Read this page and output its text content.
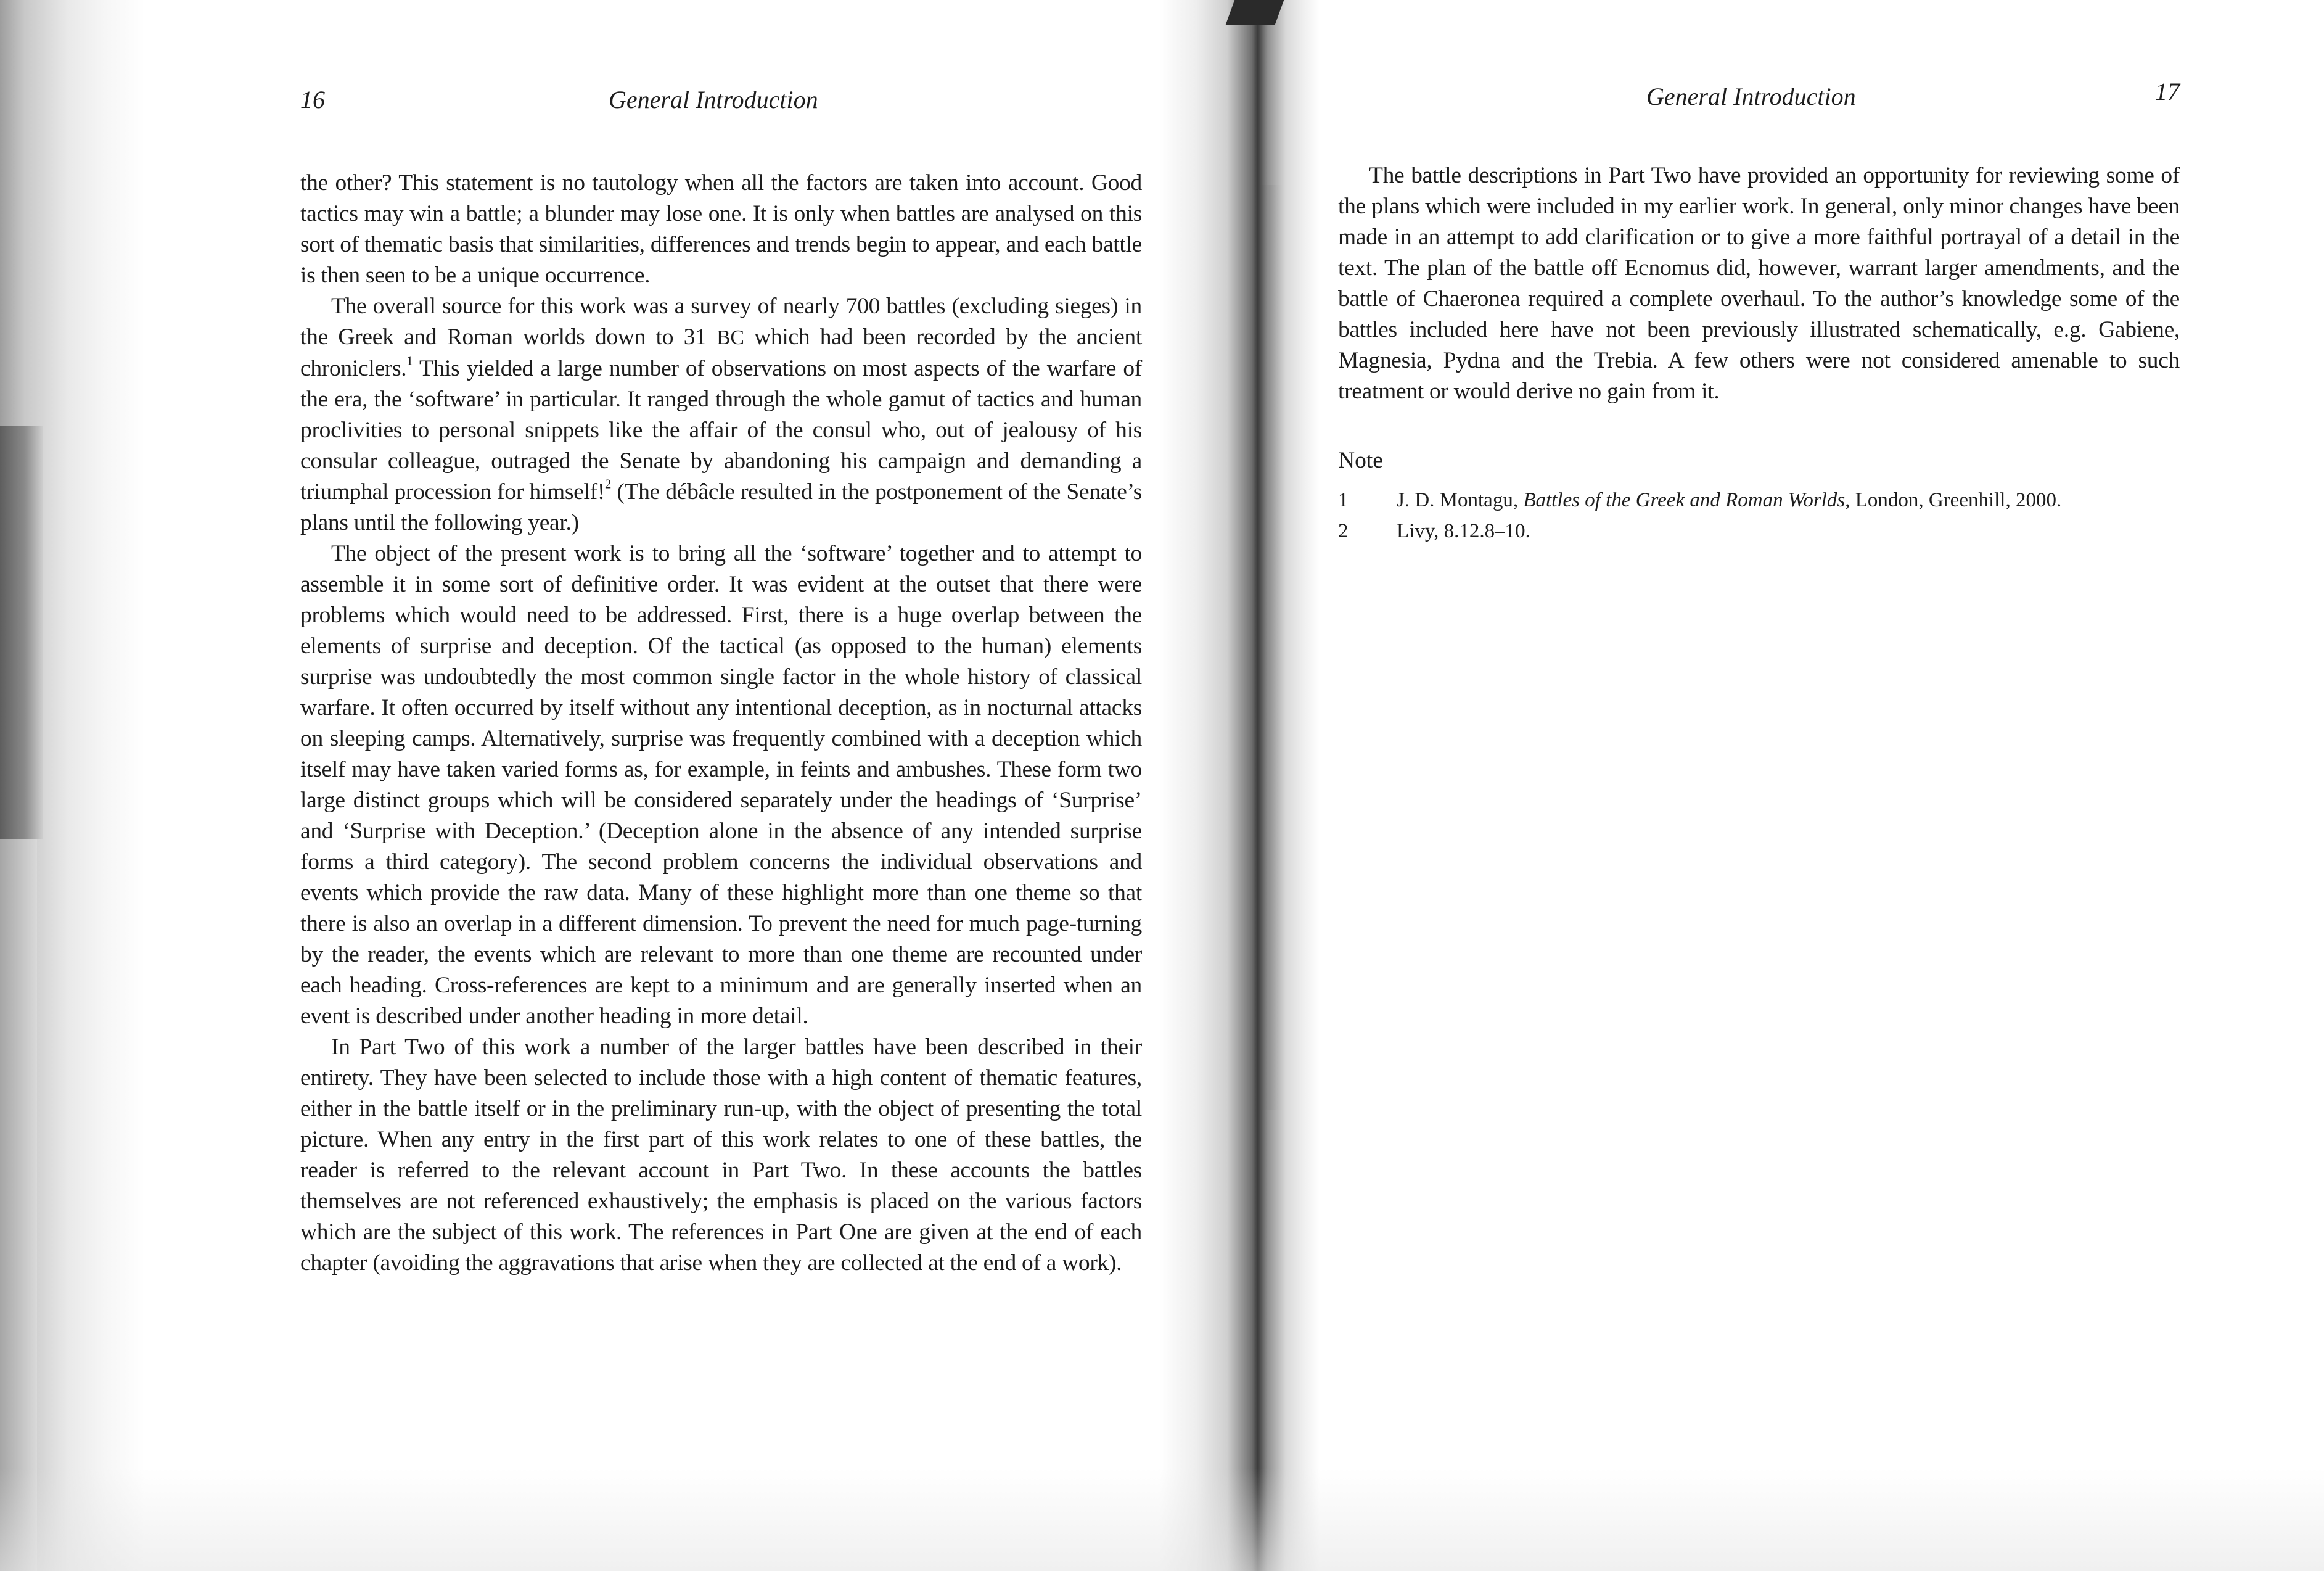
16	General Introduction

the other? This statement is no tautology when all the factors are taken into account. Good tactics may win a battle; a blunder may lose one. It is only when battles are analysed on this sort of thematic basis that similarities, differences and trends begin to appear, and each battle is then seen to be a unique occurrence.

The overall source for this work was a survey of nearly 700 battles (excluding sieges) in the Greek and Roman worlds down to 31 BC which had been recorded by the ancient chroniclers.$^1$ This yielded a large number of observations on most aspects of the warfare of the era, the ‘software’ in particular. It ranged through the whole gamut of tactics and human proclivities to personal snippets like the affair of the consul who, out of jealousy of his consular colleague, outraged the Senate by abandoning his campaign and demanding a triumphal procession for himself!$^2$ (The débâcle resulted in the postponement of the Senate’s plans until the following year.)

The object of the present work is to bring all the ‘software’ together and to attempt to assemble it in some sort of definitive order. It was evident at the outset that there were problems which would need to be addressed. First, there is a huge overlap between the elements of surprise and deception. Of the tactical (as opposed to the human) elements surprise was undoubtedly the most common single factor in the whole history of classical warfare. It often occurred by itself without any intentional deception, as in nocturnal attacks on sleeping camps. Alternatively, surprise was frequently combined with a deception which itself may have taken varied forms as, for example, in feints and ambushes. These form two large distinct groups which will be considered separately under the headings of ‘Surprise’ and ‘Surprise with Deception.’ (Deception alone in the absence of any intended surprise forms a third category). The second problem concerns the individual observations and events which provide the raw data. Many of these highlight more than one theme so that there is also an overlap in a different dimension. To prevent the need for much page-turning by the reader, the events which are relevant to more than one theme are recounted under each heading. Cross-references are kept to a minimum and are generally inserted when an event is described under another heading in more detail.

In Part Two of this work a number of the larger battles have been described in their entirety. They have been selected to include those with a high content of thematic features, either in the battle itself or in the preliminary run-up, with the object of presenting the total picture. When any entry in the first part of this work relates to one of these battles, the reader is referred to the relevant account in Part Two. In these accounts the battles themselves are not referenced exhaustively; the emphasis is placed on the various factors which are the subject of this work. The references in Part One are given at the end of each chapter (avoiding the aggravations that arise when they are collected at the end of a work).

General Introduction	17

The battle descriptions in Part Two have provided an opportunity for reviewing some of the plans which were included in my earlier work. In general, only minor changes have been made in an attempt to add clarification or to give a more faithful portrayal of a detail in the text. The plan of the battle off Ecnomus did, however, warrant larger amendments, and the battle of Chaeronea required a complete overhaul. To the author’s knowledge some of the battles included here have not been previously illustrated schematically, e.g. Gabiene, Magnesia, Pydna and the Trebia. A few others were not considered amenable to such treatment or would derive no gain from it.

Note
1	J. D. Montagu, Battles of the Greek and Roman Worlds, London, Greenhill, 2000.
2	Livy, 8.12.8–10.
